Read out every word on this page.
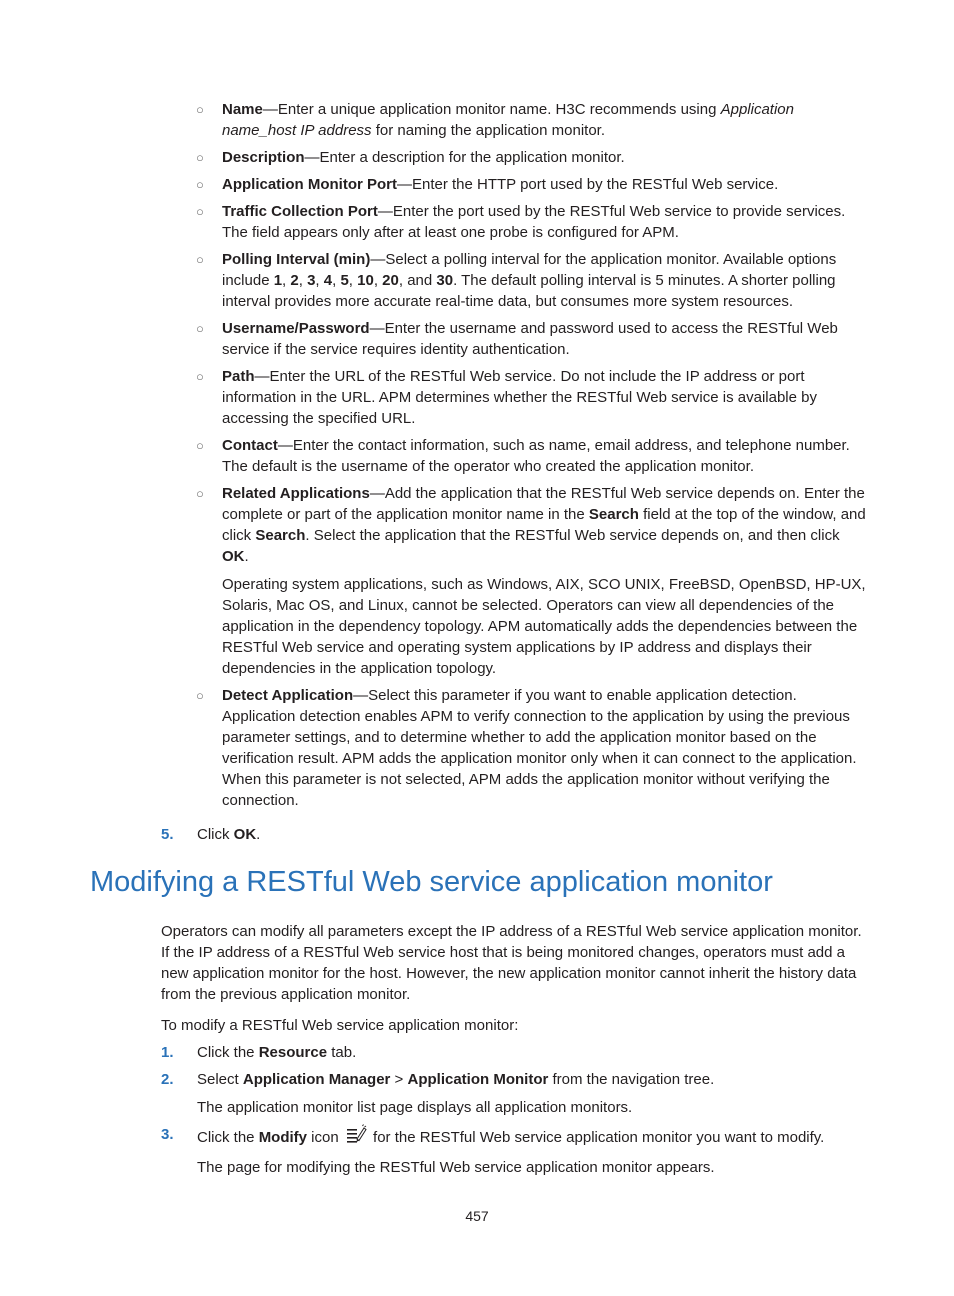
○ Name—Enter a unique application monitor name. H3C recommends using Application name_host IP address for naming the application monitor.

○ Description—Enter a description for the application monitor.

○ Application Monitor Port—Enter the HTTP port used by the RESTful Web service.

○ Traffic Collection Port—Enter the port used by the RESTful Web service to provide services. The field appears only after at least one probe is configured for APM.

○ Polling Interval (min)—Select a polling interval for the application monitor. Available options include 1, 2, 3, 4, 5, 10, 20, and 30. The default polling interval is 5 minutes. A shorter polling interval provides more accurate real-time data, but consumes more system resources.

○ Username/Password—Enter the username and password used to access the RESTful Web service if the service requires identity authentication.

○ Path—Enter the URL of the RESTful Web service. Do not include the IP address or port information in the URL. APM determines whether the RESTful Web service is available by accessing the specified URL.

○ Contact—Enter the contact information, such as name, email address, and telephone number. The default is the username of the operator who created the application monitor.

○ Related Applications—Add the application that the RESTful Web service depends on. Enter the complete or part of the application monitor name in the Search field at the top of the window, and click Search. Select the application that the RESTful Web service depends on, and then click OK.

Operating system applications, such as Windows, AIX, SCO UNIX, FreeBSD, OpenBSD, HP-UX, Solaris, Mac OS, and Linux, cannot be selected. Operators can view all dependencies of the application in the dependency topology. APM automatically adds the dependencies between the RESTful Web service and operating system applications by IP address and displays their dependencies in the application topology.

○ Detect Application—Select this parameter if you want to enable application detection. Application detection enables APM to verify connection to the application by using the previous parameter settings, and to determine whether to add the application monitor based on the verification result. APM adds the application monitor only when it can connect to the application. When this parameter is not selected, APM adds the application monitor without verifying the connection.

5. Click OK.
Modifying a RESTful Web service application monitor

Operators can modify all parameters except the IP address of a RESTful Web service application monitor. If the IP address of a RESTful Web service host that is being monitored changes, operators must add a new application monitor for the host. However, the new application monitor cannot inherit the history data from the previous application monitor.

To modify a RESTful Web service application monitor:

1.	Click the Resource tab.

2.	Select Application Manager > Application Monitor from the navigation tree.

The application monitor list page displays all application monitors.

3.	Click the Modify icon  for the RESTful Web service application monitor you want to modify.

The page for modifying the RESTful Web service application monitor appears.

457
